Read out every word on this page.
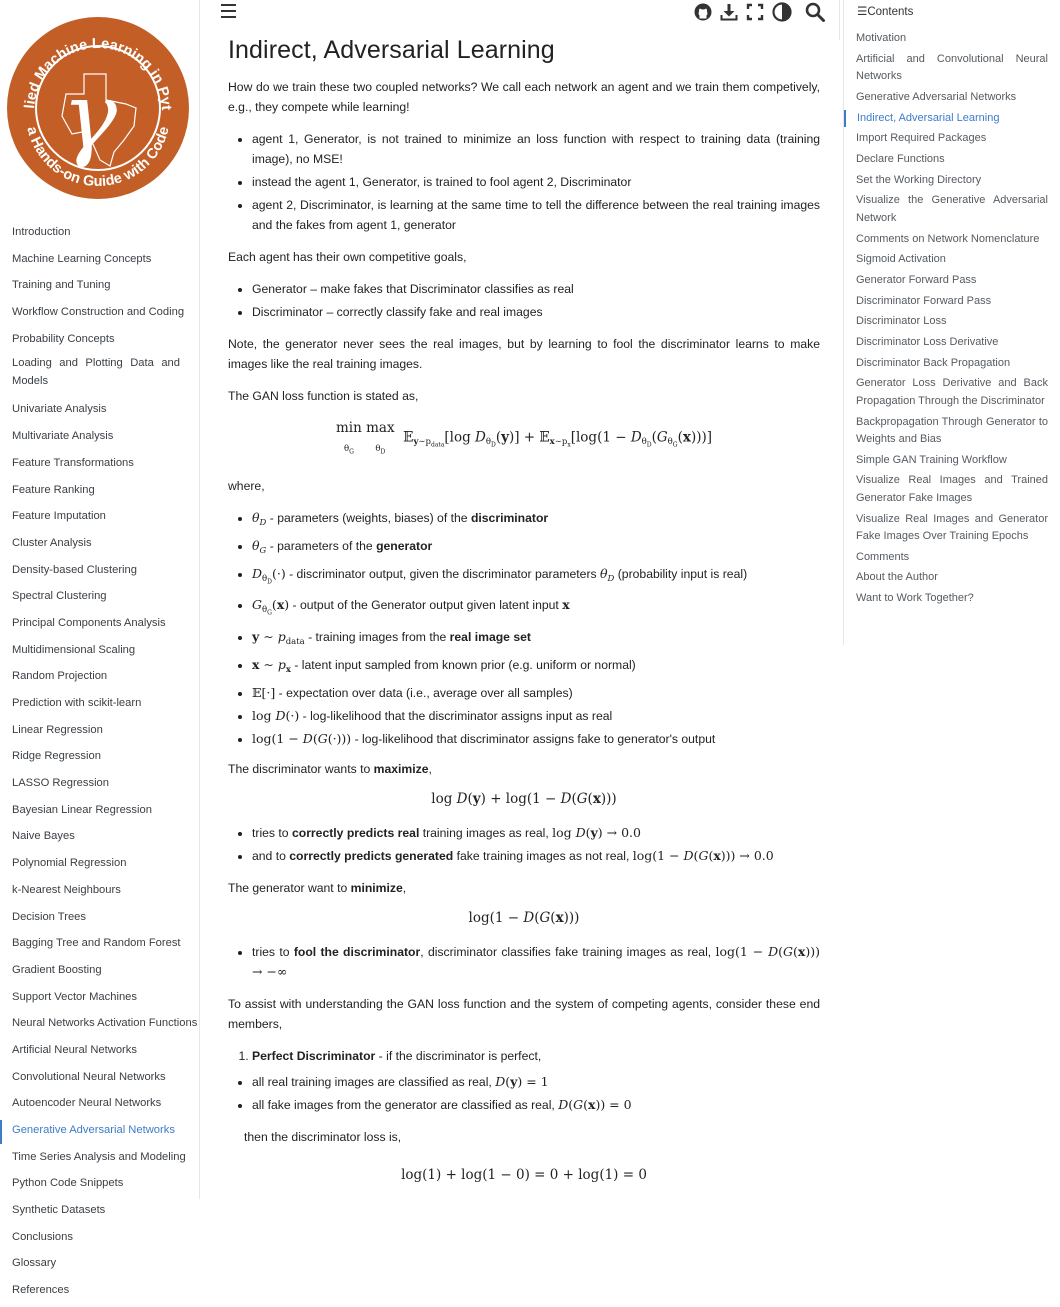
γ
lied Machine Learning in Pyt
a Hands-on Guide with Code
Introduction
Machine Learning Concepts
Training and Tuning
Workflow Construction and Coding
Probability Concepts
Loading and Plotting Data and Models
Univariate Analysis
Multivariate Analysis
Feature Transformations
Feature Ranking
Feature Imputation
Cluster Analysis
Density-based Clustering
Spectral Clustering
Principal Components Analysis
Multidimensional Scaling
Random Projection
Prediction with scikit-learn
Linear Regression
Ridge Regression
LASSO Regression
Bayesian Linear Regression
Naive Bayes
Polynomial Regression
k-Nearest Neighbours
Decision Trees
Bagging Tree and Random Forest
Gradient Boosting
Support Vector Machines
Neural Networks Activation Functions
Artificial Neural Networks
Convolutional Neural Networks
Autoencoder Neural Networks
Generative Adversarial Networks
Time Series Analysis and Modeling
Python Code Snippets
Synthetic Datasets
Conclusions
Glossary
References
☰Contents
Motivation
Artificial and Convolutional Neural Networks
Generative Adversarial Networks
Indirect, Adversarial Learning
Import Required Packages
Declare Functions
Set the Working Directory
Visualize the Generative Adversarial Network
Comments on Network Nomenclature
Sigmoid Activation
Generator Forward Pass
Discriminator Forward Pass
Discriminator Loss
Discriminator Loss Derivative
Discriminator Back Propagation
Generator Loss Derivative and Back Propagation Through the Discriminator
Backpropagation Through Generator to Weights and Bias
Simple GAN Training Workflow
Visualize Real Images and Trained Generator Fake Images
Visualize Real Images and Generator Fake Images Over Training Epochs
Comments
About the Author
Want to Work Together?
Indirect, Adversarial Learning

How do we train these two coupled networks? We call each network an agent and we train them competively, e.g., they compete while learning!

• agent 1, Generator, is not trained to minimize an loss function with respect to training data (training image), no MSE!
• instead the agent 1, Generator, is trained to fool agent 2, Discriminator
• agent 2, Discriminator, is learning at the same time to tell the difference between the real training images and the fakes from agent 1, generator

Each agent has their own competitive goals,

• Generator – make fakes that Discriminator classifies as real
• Discriminator – correctly classify fake and real images

Note, the generator never sees the real images, but by learning to fool the discriminator learns to make images like the real training images.

The GAN loss function is stated as,

min
$_{\theta_G}$ max
$_{\theta_D}$  𝔼$_{y\sim p_{data}}$[log $D_{\theta_D}(y)$] + 𝔼$_{x\sim p_x}$[log(1 − $D_{\theta_D}(G_{\theta_G}(x))$)]

where,

• $\theta_D$ - parameters (weights, biases) of the discriminator
• $\theta_G$ - parameters of the generator
• $D_{\theta_D}(\cdot)$ - discriminator output, given the discriminator parameters $\theta_D$ (probability input is real)
• $G_{\theta_G}(x)$ - output of the Generator output given latent input x
• y ∼ $p_{data}$ - training images from the real image set
• x ∼ $p_x$ - latent input sampled from known prior (e.g. uniform or normal)
• 𝔼[·] - expectation over data (i.e., average over all samples)
• log D(·) - log-likelihood that the discriminator assigns input as real
• log(1 − D(G(·))) - log-likelihood that discriminator assigns fake to generator's output

The discriminator wants to maximize,

log D(y) + log(1 − D(G(x)))
• tries to correctly predicts real training images as real, log D(y) → 0.0
• and to correctly predicts generated fake training images as not real, log(1 − D(G(x))) → 0.0

The generator want to minimize,

log(1 − D(G(x)))
• tries to fool the discriminator, discriminator classifies fake training images as real, log(1 − D(G(x))) → −∞

To assist with understanding the GAN loss function and the system of competing agents, consider these end members,

1. Perfect Discriminator - if the discriminator is perfect,
• all real training images are classified as real, D(y) = 1
• all fake images from the generator are classified as real, D(G(x)) = 0

then the discriminator loss is,

log(1) + log(1 − 0) = 0 + log(1) = 0
